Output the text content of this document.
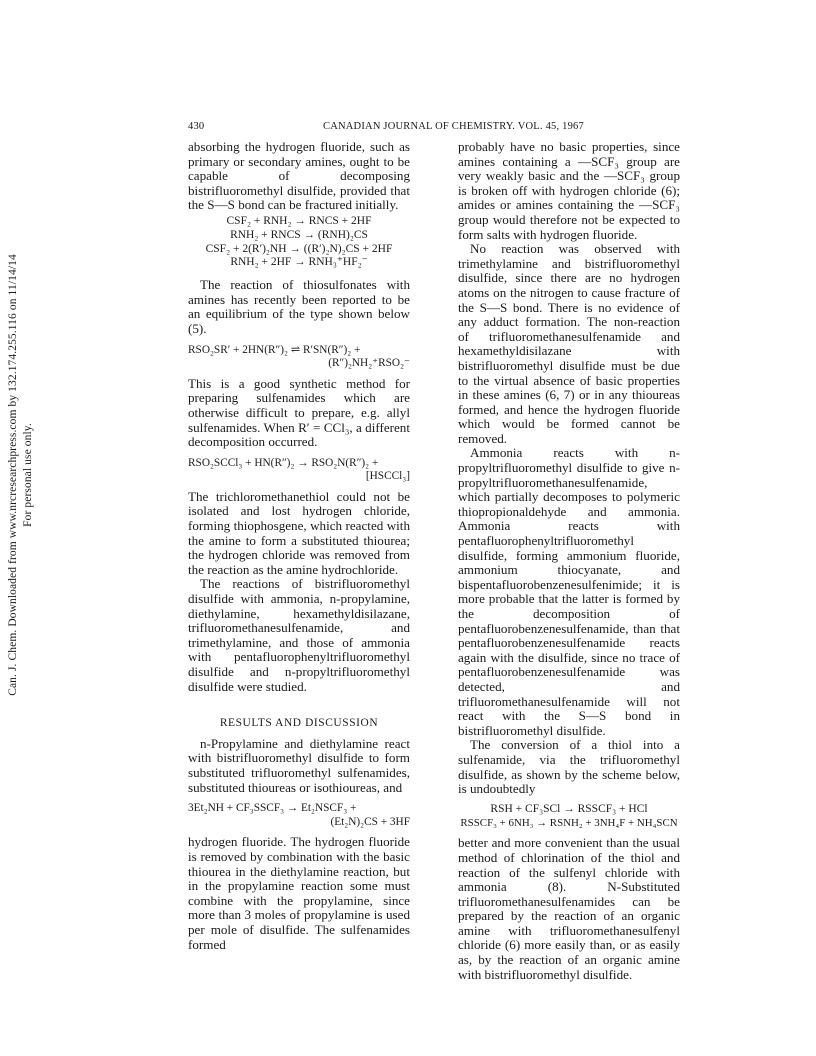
Can. J. Chem. Downloaded from www.nrcresearchpress.com by 132.174.255.116 on 11/14/14 For personal use only.
430	CANADIAN JOURNAL OF CHEMISTRY. VOL. 45, 1967

absorbing the hydrogen fluoride, such as primary or secondary amines, ought to be capable of decomposing bistrifluoromethyl disulfide, provided that the S—S bond can be fractured initially.

CSF₂ + RNH₂ → RNCS + 2HF
RNH₂ + RNCS → (RNH)₂CS
CSF₂ + 2(R′)₂NH → ((R′)₂N)₂CS + 2HF
RNH₂ + 2HF → RNH₃⁺HF₂⁻

The reaction of thiosulfonates with amines has recently been reported to be an equilibrium of the type shown below (5).

RSO₂SR′ + 2HN(R″)₂ ⇌ R′SN(R″)₂ +
(R″)₂NH₂⁺RSO₂⁻

This is a good synthetic method for preparing sulfenamides which are otherwise difficult to prepare, e.g. allyl sulfenamides. When R′ = CCl₃, a different decomposition occurred.

RSO₂SCCl₃ + HN(R″)₂ → RSO₂N(R″)₂ +
[HSCCl₃]

The trichloromethanethiol could not be isolated and lost hydrogen chloride, forming thiophosgene, which reacted with the amine to form a substituted thiourea; the hydrogen chloride was removed from the reaction as the amine hydrochloride.

The reactions of bistrifluoromethyl disulfide with ammonia, n-propylamine, diethylamine, hexamethyldisilazane, trifluoromethanesulfenamide, and trimethylamine, and those of ammonia with pentafluorophenyltrifluoromethyl disulfide and n-propyltrifluoromethyl disulfide were studied.

RESULTS AND DISCUSSION

n-Propylamine and diethylamine react with bistrifluoromethyl disulfide to form substituted trifluoromethyl sulfenamides, substituted thioureas or isothioureas, and

3Et₂NH + CF₃SSCF₃ → Et₂NSCF₃ +
(Et₂N)₂CS + 3HF

hydrogen fluoride. The hydrogen fluoride is removed by combination with the basic thiourea in the diethylamine reaction, but in the propylamine reaction some must combine with the propylamine, since more than 3 moles of propylamine is used per mole of disulfide. The sulfenamides formed

probably have no basic properties, since amines containing a —SCF₃ group are very weakly basic and the —SCF₃ group is broken off with hydrogen chloride (6); amides or amines containing the —SCF₃ group would therefore not be expected to form salts with hydrogen fluoride.

No reaction was observed with trimethylamine and bistrifluoromethyl disulfide, since there are no hydrogen atoms on the nitrogen to cause fracture of the S—S bond. There is no evidence of any adduct formation. The non-reaction of trifluoromethanesulfenamide and hexamethyldisilazane with bistrifluoromethyl disulfide must be due to the virtual absence of basic properties in these amines (6, 7) or in any thioureas formed, and hence the hydrogen fluoride which would be formed cannot be removed.

Ammonia reacts with n-propyltrifluoromethyl disulfide to give n-propyltrifluoromethanesulfenamide, which partially decomposes to polymeric thiopropionaldehyde and ammonia. Ammonia reacts with pentafluorophenyltrifluoromethyl disulfide, forming ammonium fluoride, ammonium thiocyanate, and bispentafluorobenzenesulfenimide; it is more probable that the latter is formed by the decomposition of pentafluorobenzenesulfenamide, than that pentafluorobenzenesulfenamide reacts again with the disulfide, since no trace of pentafluorobenzenesulfenamide was detected, and trifluoromethanesulfenamide will not react with the S—S bond in bistrifluoromethyl disulfide.

The conversion of a thiol into a sulfenamide, via the trifluoromethyl disulfide, as shown by the scheme below, is undoubtedly

RSH + CF₃SCl → RSSCF₃ + HCl
RSSCF₃ + 6NH₃ → RSNH₂ + 3NH₄F + NH₄SCN

better and more convenient than the usual method of chlorination of the thiol and reaction of the sulfenyl chloride with ammonia (8). N-Substituted trifluoromethanesulfenamides can be prepared by the reaction of an organic amine with trifluoromethanesulfenyl chloride (6) more easily than, or as easily as, by the reaction of an organic amine with bistrifluoromethyl disulfide.
